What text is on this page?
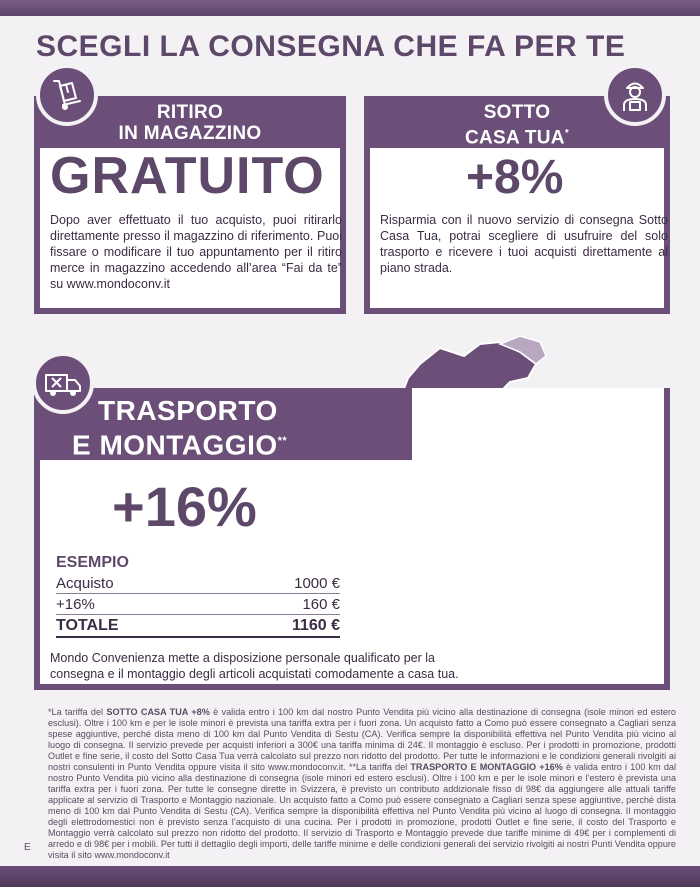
SCEGLI LA CONSEGNA CHE FA PER TE
RITIRO
IN MAGAZZINO
GRATUITO
Dopo aver effettuato il tuo acquisto, puoi ritirarlo direttamente presso il magazzino di riferimento. Puoi fissare o modificare il tuo appuntamento per il ritiro merce in magazzino accedendo all’area “Fai da te” su www.mondoconv.it
SOTTO
CASA TUA*
+8%
Risparmia con il nuovo servizio di consegna Sotto Casa Tua, potrai scegliere di usufruire del solo trasporto e ricevere i tuoi acquisti direttamente al piano strada.
TRASPORTO
E MONTAGGIO**
+16%
ESEMPIO
Acquisto	1000 €
+16%	160 €
TOTALE	1160 €
Mondo Convenienza mette a disposizione personale qualificato per la consegna e il montaggio degli articoli acquistati comodamente a casa tua.
*La tariffa del SOTTO CASA TUA +8% è valida entro i 100 km dal nostro Punto Vendita più vicino alla destinazione di consegna (isole minori ed estero esclusi). Oltre i 100 km e per le isole minori è prevista una tariffa extra per i fuori zona. Un acquisto fatto a Como può essere consegnato a Cagliari senza spese aggiuntive, perché dista meno di 100 km dal Punto Vendita di Sestu (CA). Verifica sempre la disponibilità effettiva nel Punto Vendita più vicino al luogo di consegna. Il servizio prevede per acquisti inferiori a 300€ una tariffa minima di 24€. Il montaggio è escluso. Per i prodotti in promozione, prodotti Outlet e fine serie, il costo del Sotto Casa Tua verrà calcolato sul prezzo non ridotto del prodotto. Per tutte le informazioni e le condizioni generali rivolgiti ai nostri consulenti in Punto Vendita oppure visita il sito www.mondoconv.it. **La tariffa del TRASPORTO E MONTAGGIO +16% è valida entro i 100 km dal nostro Punto Vendita più vicino alla destinazione di consegna (isole minori ed estero esclusi). Oltre i 100 km e per le isole minori e l’estero è prevista una tariffa extra per i fuori zona. Per tutte le consegne dirette in Svizzera, è previsto un contributo addizionale fisso di 98€ da aggiungere alle attuali tariffe applicate al servizio di Trasporto e Montaggio nazionale. Un acquisto fatto a Como può essere consegnato a Cagliari senza spese aggiuntive, perché dista meno di 100 km dal Punto Vendita di Sestu (CA). Verifica sempre la disponibilità effettiva nel Punto Vendita più vicino al luogo di consegna. Il montaggio degli elettrodomestici non è previsto senza l’acquisto di una cucina. Per i prodotti in promozione, prodotti Outlet e fine serie, il costo del Trasporto e Montaggio verrà calcolato sul prezzo non ridotto del prodotto. Il servizio di Trasporto e Montaggio prevede due tariffe minime di 49€ per i complementi di arredo e di 98€ per i mobili. Per tutti il dettaglio degli importi, delle tariffe minime e delle condizioni generali dei servizio rivolgiti ai nostri Punti Vendita oppure visita il sito www.mondoconv.it
E
